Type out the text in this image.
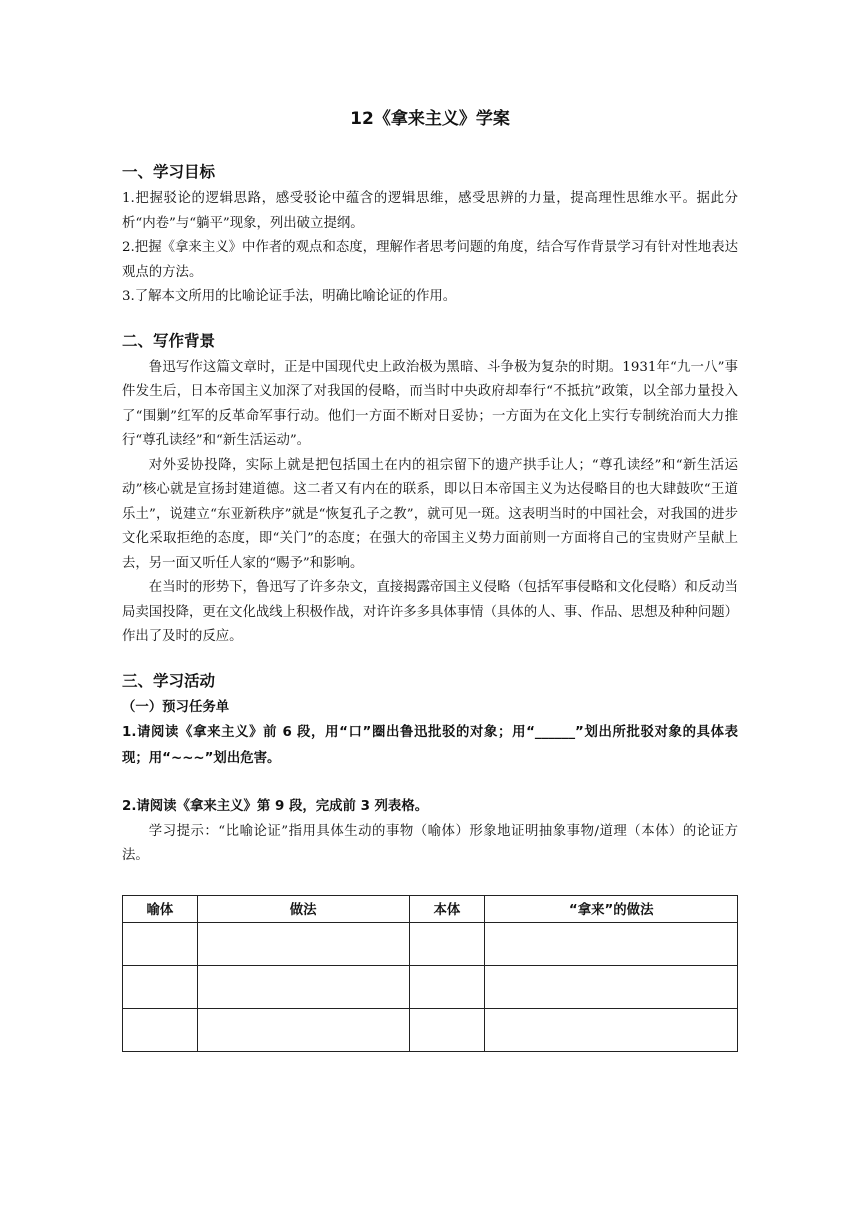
12《拿来主义》学案
一、学习目标

1.把握驳论的逻辑思路，感受驳论中蕴含的逻辑思维，感受思辨的力量，提高理性思维水平。据此分析“内卷”与“躺平”现象，列出破立提纲。

2.把握《拿来主义》中作者的观点和态度，理解作者思考问题的角度，结合写作背景学习有针对性地表达观点的方法。

3.了解本文所用的比喻论证手法，明确比喻论证的作用。

二、写作背景

鲁迅写作这篇文章时，正是中国现代史上政治极为黑暗、斗争极为复杂的时期。1931年“九一八”事件发生后，日本帝国主义加深了对我国的侵略，而当时中央政府却奉行“不抵抗”政策，以全部力量投入了“围剿”红军的反革命军事行动。他们一方面不断对日妥协；一方面为在文化上实行专制统治而大力推行“尊孔读经”和“新生活运动”。

对外妥协投降，实际上就是把包括国土在内的祖宗留下的遗产拱手让人；“尊孔读经”和“新生活运动”核心就是宣扬封建道德。这二者又有内在的联系，即以日本帝国主义为达侵略目的也大肆鼓吹“王道乐土”，说建立“东亚新秩序”就是“恢复孔子之教”，就可见一斑。这表明当时的中国社会，对我国的进步文化采取拒绝的态度，即“关门”的态度；在强大的帝国主义势力面前则一方面将自己的宝贵财产呈献上去，另一面又听任人家的“赐予”和影响。

在当时的形势下，鲁迅写了许多杂文，直接揭露帝国主义侵略（包括军事侵略和文化侵略）和反动当局卖国投降，更在文化战线上积极作战，对许许多多具体事情（具体的人、事、作品、思想及种种问题）作出了及时的反应。

三、学习活动
（一）预习任务单

1.请阅读《拿来主义》前 6 段，用“口”圈出鲁迅批驳的对象；用“______”划出所批驳对象的具体表现；用“~~~”划出危害。

2.请阅读《拿来主义》第 9 段，完成前 3 列表格。

学习提示：“比喻论证”指用具体生动的事物（喻体）形象地证明抽象事物/道理（本体）的论证方法。

喻体	做法	本体	“拿来”的做法
